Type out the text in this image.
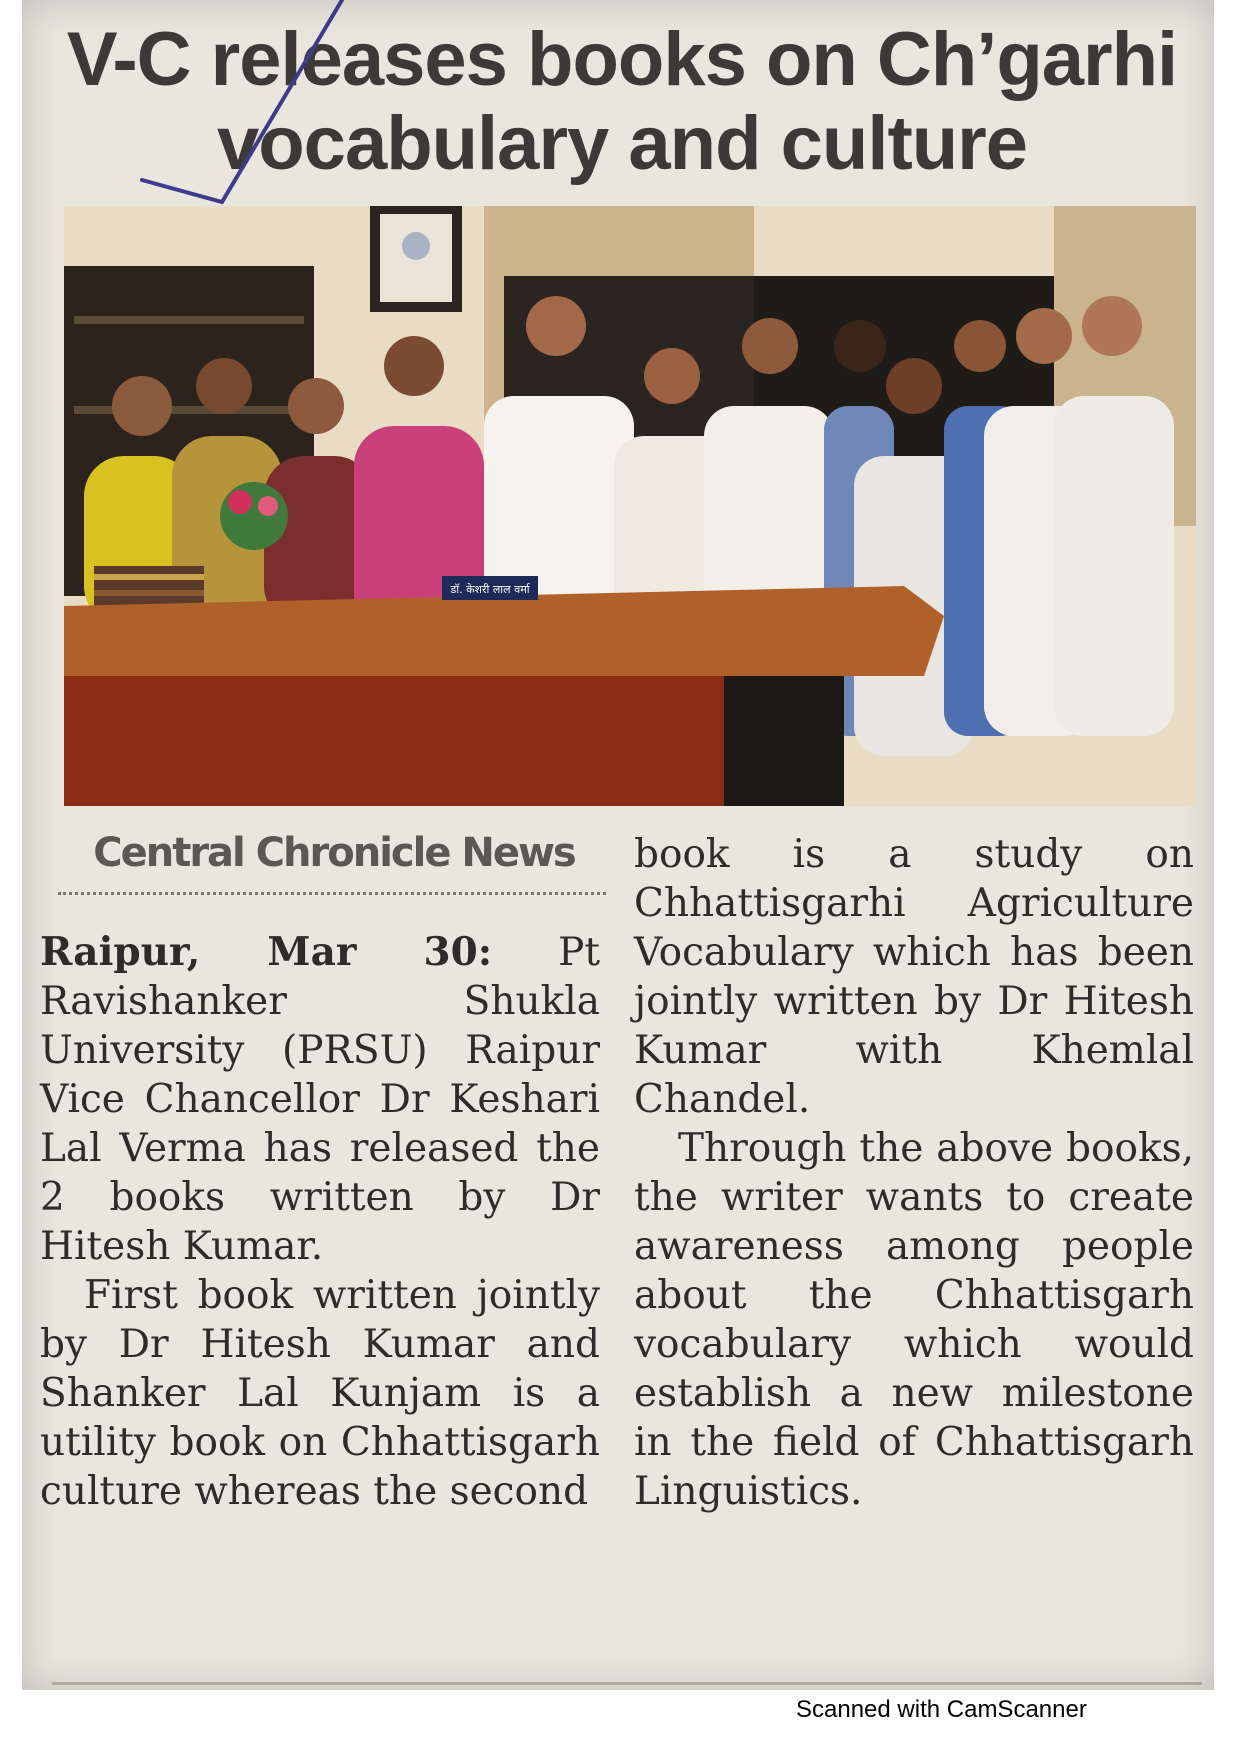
V-C releases books on Ch’garhi vocabulary and culture
डॉ. केशरी लाल वर्मा
Central Chronicle News

Raipur, Mar 30: Pt Ravishanker Shukla University (PRSU) Raipur Vice Chancellor Dr Keshari Lal Verma has released the 2 books written by Dr Hitesh Kumar.

First book written jointly by Dr Hitesh Kumar and Shanker Lal Kunjam is a utility book on Chhattisgarh culture whereas the second

book is a study on Chhattisgarhi Agriculture Vocabulary which has been jointly written by Dr Hitesh Kumar with Khemlal Chandel.

Through the above books, the writer wants to create awareness among people about the Chhattisgarh vocabulary which would establish a new milestone in the field of Chhattisgarh Linguistics.

Scanned with CamScanner
